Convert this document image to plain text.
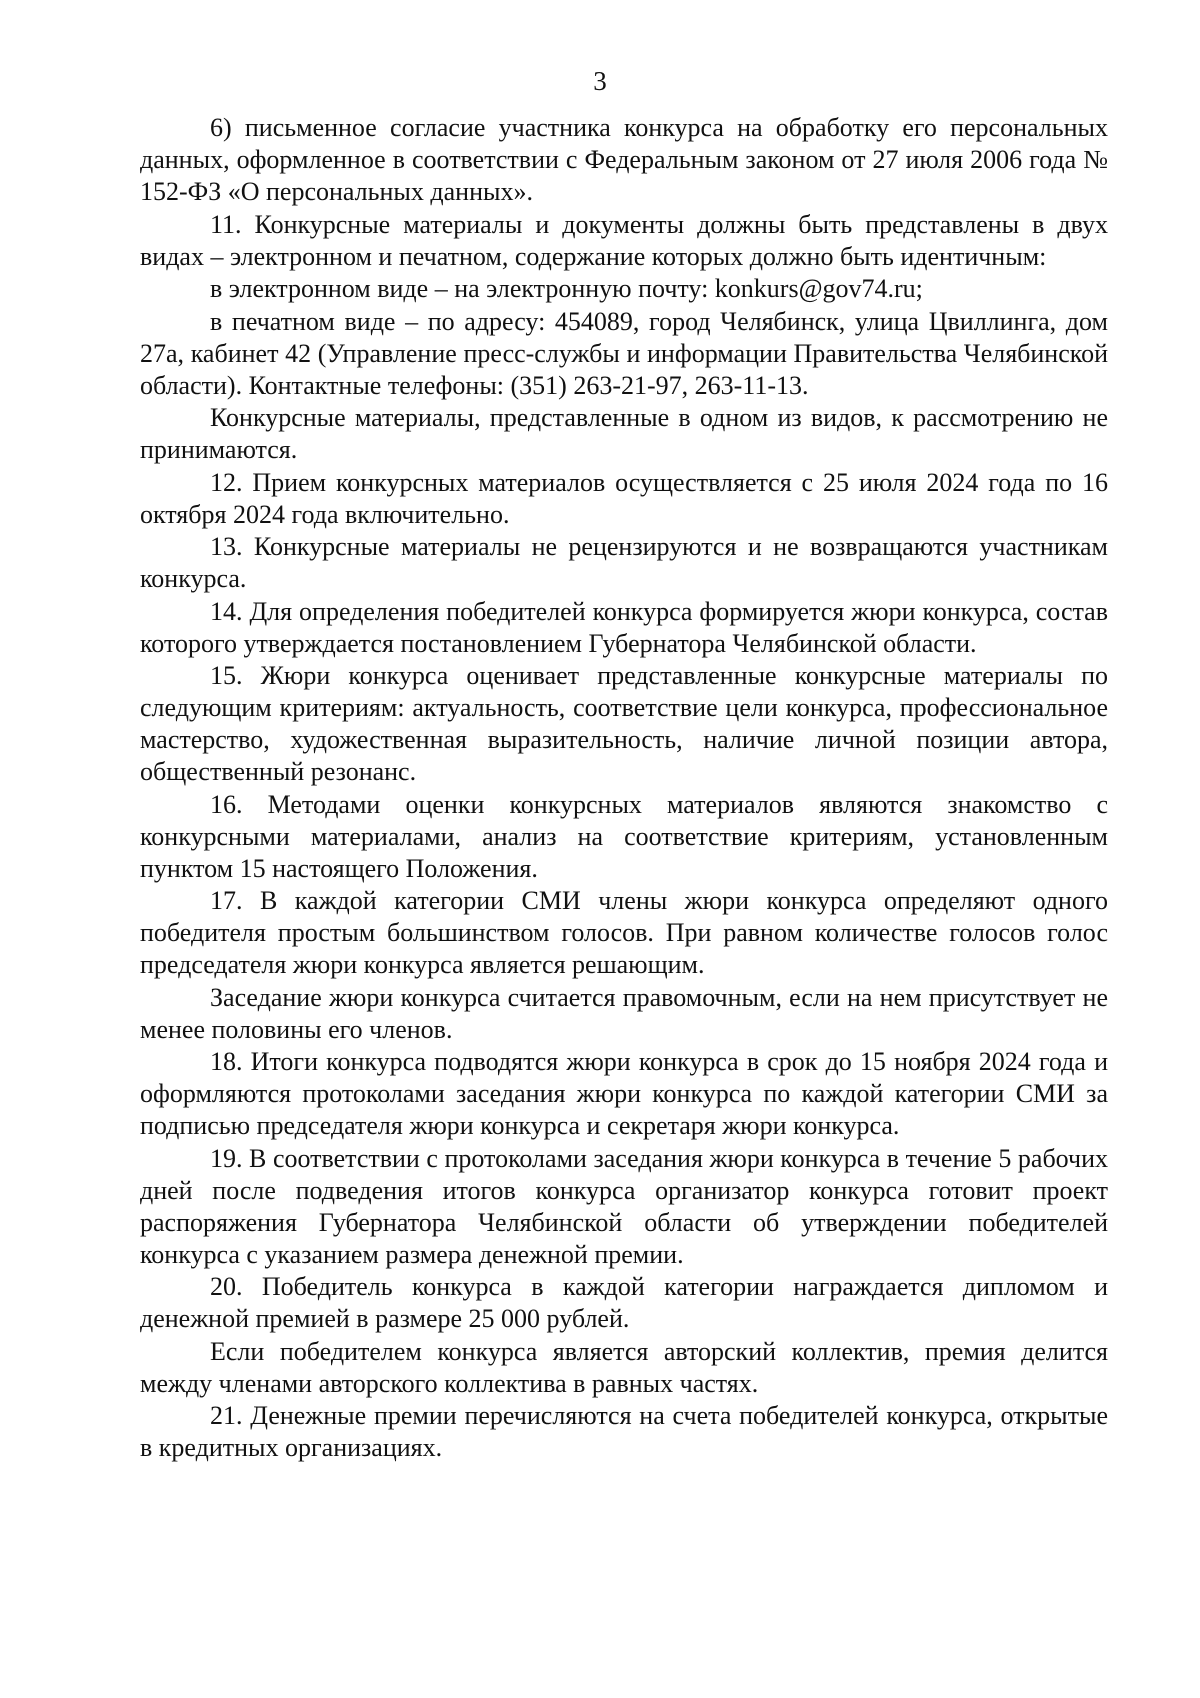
3

6) письменное согласие участника конкурса на обработку его персональных данных, оформленное в соответствии с Федеральным законом от 27 июля 2006 года № 152-ФЗ «О персональных данных».

11. Конкурсные материалы и документы должны быть представлены в двух видах – электронном и печатном, содержание которых должно быть идентичным:

в электронном виде – на электронную почту: konkurs@gov74.ru;

в печатном виде – по адресу: 454089, город Челябинск, улица Цвиллинга, дом 27а, кабинет 42 (Управление пресс-службы и информации Правительства Челябинской области). Контактные телефоны: (351) 263-21-97, 263-11-13.

Конкурсные материалы, представленные в одном из видов, к рассмотрению не принимаются.

12. Прием конкурсных материалов осуществляется с 25 июля 2024 года по 16 октября 2024 года включительно.

13. Конкурсные материалы не рецензируются и не возвращаются участникам конкурса.

14. Для определения победителей конкурса формируется жюри конкурса, состав которого утверждается постановлением Губернатора Челябинской области.

15. Жюри конкурса оценивает представленные конкурсные материалы по следующим критериям: актуальность, соответствие цели конкурса, профессиональное мастерство, художественная выразительность, наличие личной позиции автора, общественный резонанс.

16. Методами оценки конкурсных материалов являются знакомство с конкурсными материалами, анализ на соответствие критериям, установленным пунктом 15 настоящего Положения.

17. В каждой категории СМИ члены жюри конкурса определяют одного победителя простым большинством голосов. При равном количестве голосов голос председателя жюри конкурса является решающим.

Заседание жюри конкурса считается правомочным, если на нем присутствует не менее половины его членов.

18. Итоги конкурса подводятся жюри конкурса в срок до 15 ноября 2024 года и оформляются протоколами заседания жюри конкурса по каждой категории СМИ за подписью председателя жюри конкурса и секретаря жюри конкурса.

19. В соответствии с протоколами заседания жюри конкурса в течение 5 рабочих дней после подведения итогов конкурса организатор конкурса готовит проект распоряжения Губернатора Челябинской области об утверждении победителей конкурса с указанием размера денежной премии.

20. Победитель конкурса в каждой категории награждается дипломом и денежной премией в размере 25 000 рублей.

Если победителем конкурса является авторский коллектив, премия делится между членами авторского коллектива в равных частях.

21. Денежные премии перечисляются на счета победителей конкурса, открытые в кредитных организациях.
